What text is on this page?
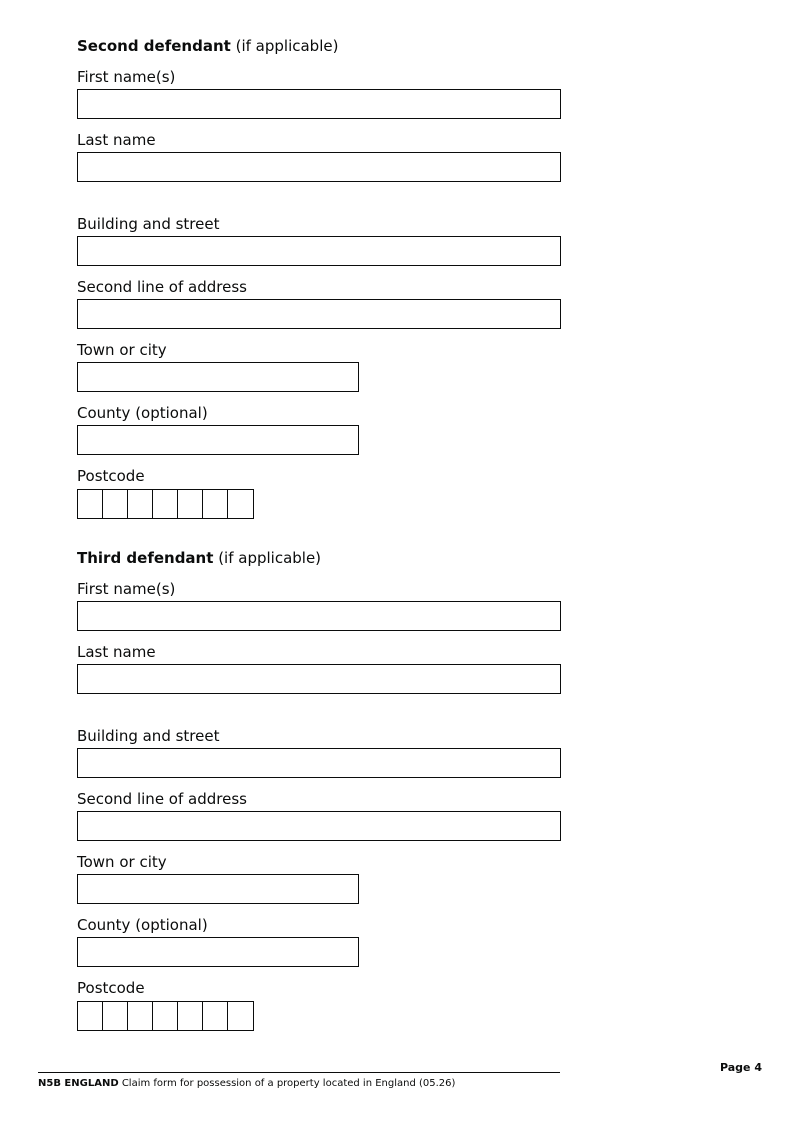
Second defendant (if applicable)

First name(s)

Last name

Building and street

Second line of address

Town or city

County (optional)

Postcode

Third defendant (if applicable)

First name(s)

Last name

Building and street

Second line of address

Town or city

County (optional)

Postcode

Page 4
N5B ENGLAND Claim form for possession of a property located in England (05.26)
